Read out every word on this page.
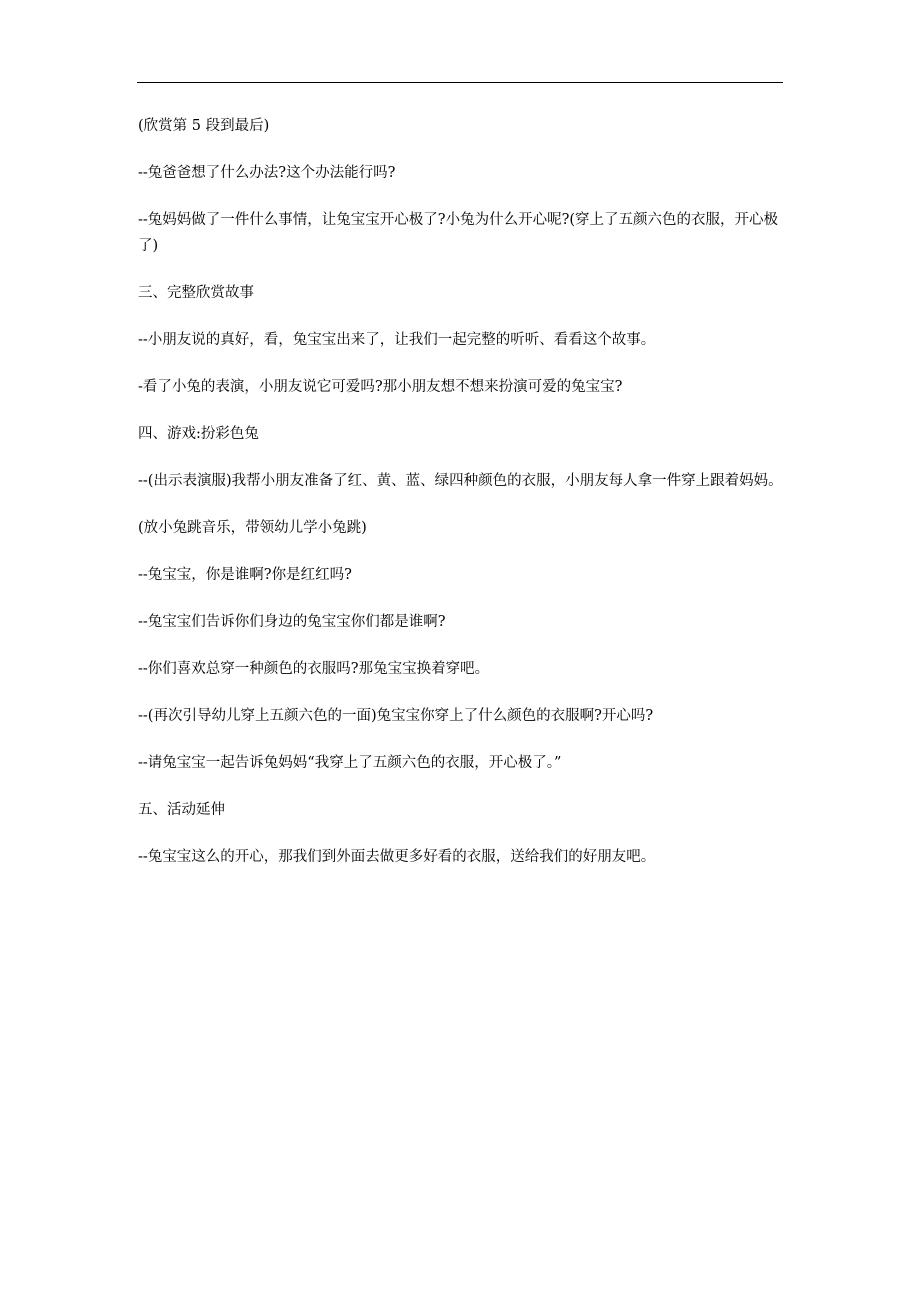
(欣赏第 5 段到最后)

--兔爸爸想了什么办法?这个办法能行吗?

--兔妈妈做了一件什么事情，让兔宝宝开心极了?小兔为什么开心呢?(穿上了五颜六色的衣服，开心极了)

三、完整欣赏故事

--小朋友说的真好，看，兔宝宝出来了，让我们一起完整的听听、看看这个故事。

-看了小兔的表演，小朋友说它可爱吗?那小朋友想不想来扮演可爱的兔宝宝?

四、游戏:扮彩色兔

--(出示表演服)我帮小朋友准备了红、黄、蓝、绿四种颜色的衣服，小朋友每人拿一件穿上跟着妈妈。

(放小兔跳音乐，带领幼儿学小兔跳)

--兔宝宝，你是谁啊?你是红红吗?

--兔宝宝们告诉你们身边的兔宝宝你们都是谁啊?

--你们喜欢总穿一种颜色的衣服吗?那兔宝宝换着穿吧。

--(再次引导幼儿穿上五颜六色的一面)兔宝宝你穿上了什么颜色的衣服啊?开心吗?

--请兔宝宝一起告诉兔妈妈“我穿上了五颜六色的衣服，开心极了。”

五、活动延伸

--兔宝宝这么的开心，那我们到外面去做更多好看的衣服，送给我们的好朋友吧。
